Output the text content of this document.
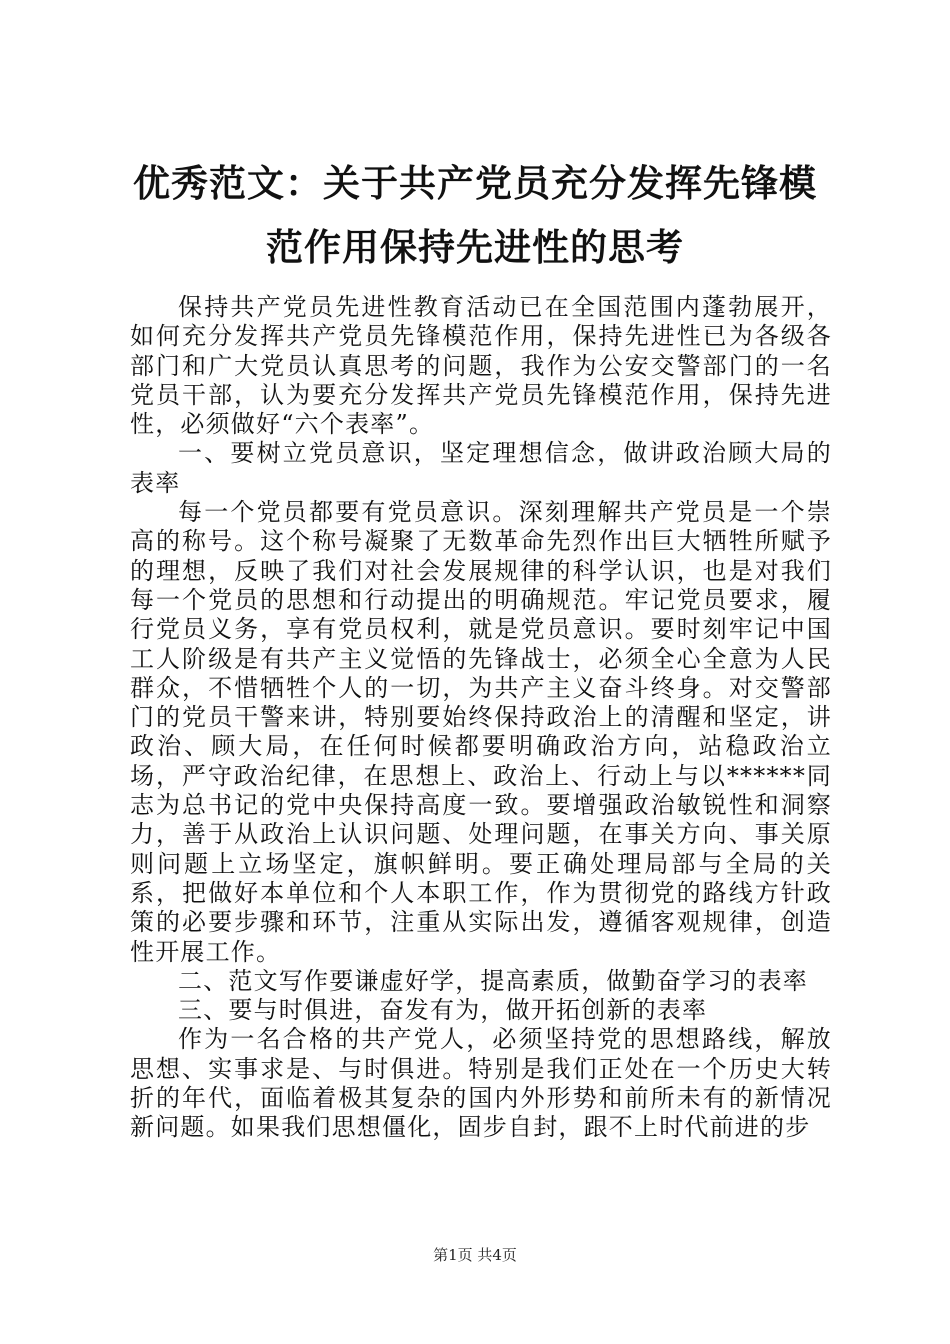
优秀范文：关于共产党员充分发挥先锋模范作用保持先进性的思考

保持共产党员先进性教育活动已在全国范围内蓬勃展开，如何充分发挥共产党员先锋模范作用，保持先进性已为各级各部门和广大党员认真思考的问题，我作为公安交警部门的一名党员干部，认为要充分发挥共产党员先锋模范作用，保持先进性，必须做好“六个表率”。

一、要树立党员意识，坚定理想信念，做讲政治顾大局的表率

每一个党员都要有党员意识。深刻理解共产党员是一个崇高的称号。这个称号凝聚了无数革命先烈作出巨大牺牲所赋予的理想，反映了我们对社会发展规律的科学认识，也是对我们每一个党员的思想和行动提出的明确规范。牢记党员要求，履行党员义务，享有党员权利，就是党员意识。要时刻牢记中国工人阶级是有共产主义觉悟的先锋战士，必须全心全意为人民群众，不惜牺牲个人的一切，为共产主义奋斗终身。对交警部门的党员干警来讲，特别要始终保持政治上的清醒和坚定，讲政治、顾大局，在任何时候都要明确政治方向，站稳政治立场，严守政治纪律，在思想上、政治上、行动上与以******同志为总书记的党中央保持高度一致。要增强政治敏锐性和洞察力，善于从政治上认识问题、处理问题，在事关方向、事关原则问题上立场坚定，旗帜鲜明。要正确处理局部与全局的关系，把做好本单位和个人本职工作，作为贯彻党的路线方针政策的必要步骤和环节，注重从实际出发，遵循客观规律，创造性开展工作。

二、范文写作要谦虚好学，提高素质，做勤奋学习的表率

三、要与时俱进，奋发有为，做开拓创新的表率

作为一名合格的共产党人，必须坚持党的思想路线，解放思想、实事求是、与时俱进。特别是我们正处在一个历史大转折的年代，面临着极其复杂的国内外形势和前所未有的新情况新问题。如果我们思想僵化，固步自封，跟不上时代前进的步

第1页 共4页
